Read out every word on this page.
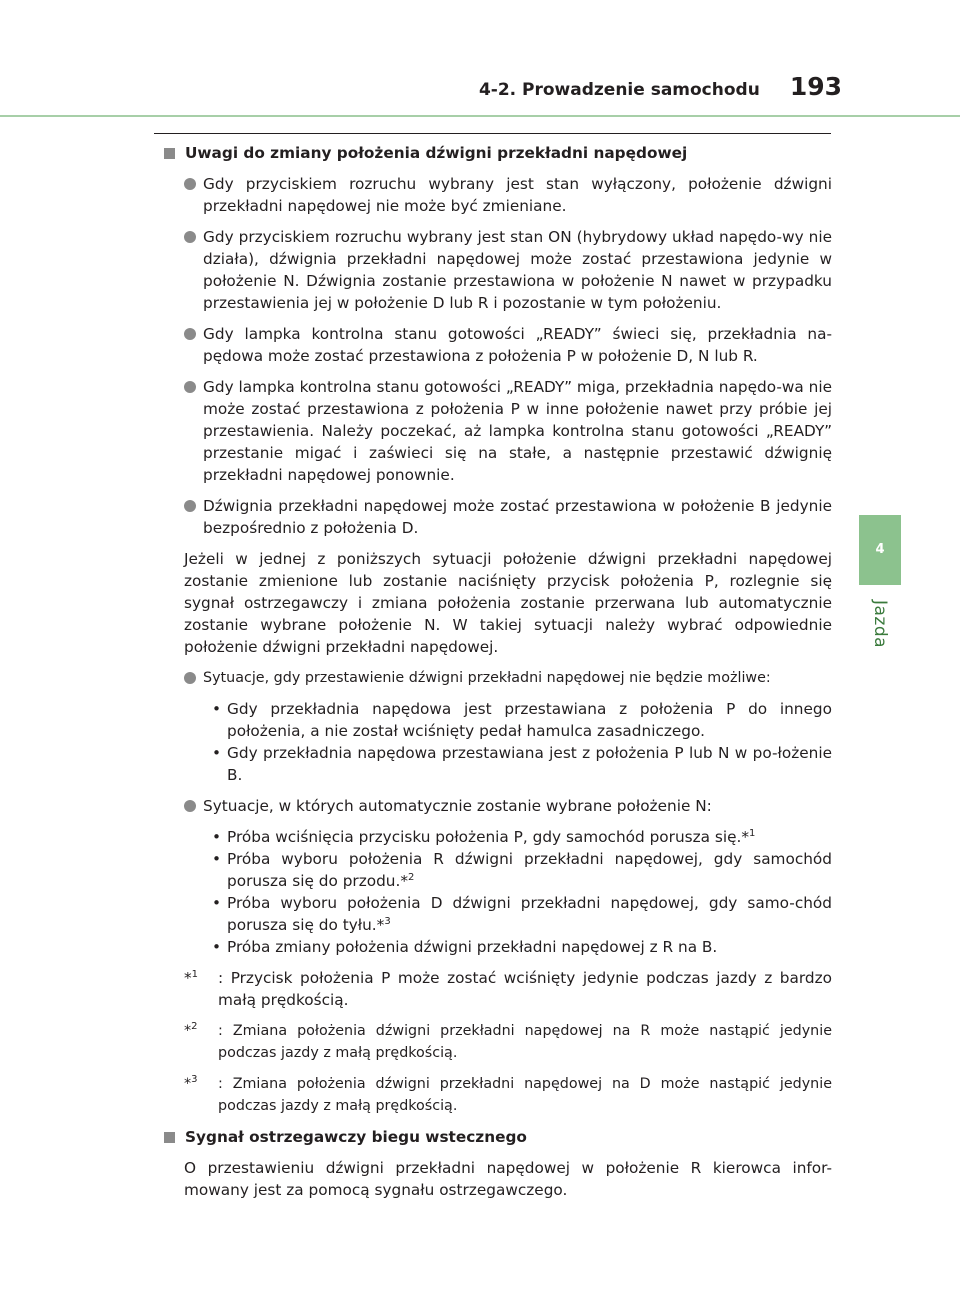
4-2. Prowadzenie samochodu 193
4
Jazda

Uwagi do zmiany położenia dźwigni przekładni napędowej

Gdy przyciskiem rozruchu wybrany jest stan wyłączony, położenie dźwigni przekładni napędowej nie może być zmieniane.

Gdy przyciskiem rozruchu wybrany jest stan ON (hybrydowy układ napędo-wy nie działa), dźwignia przekładni napędowej może zostać przestawiona jedynie w położenie N. Dźwignia zostanie przestawiona w położenie N nawet w przypadku przestawienia jej w położenie D lub R i pozostanie w tym położeniu.

Gdy lampka kontrolna stanu gotowości „READY” świeci się, przekładnia na-pędowa może zostać przestawiona z położenia P w położenie D, N lub R.

Gdy lampka kontrolna stanu gotowości „READY” miga, przekładnia napędo-wa nie może zostać przestawiona z położenia P w inne położenie nawet przy próbie jej przestawienia. Należy poczekać, aż lampka kontrolna stanu gotowości „READY” przestanie migać i zaświeci się na stałe, a następnie przestawić dźwignię przekładni napędowej ponownie.

Dźwignia przekładni napędowej może zostać przestawiona w położenie B jedynie bezpośrednio z położenia D.

Jeżeli w jednej z poniższych sytuacji położenie dźwigni przekładni napędowej zostanie zmienione lub zostanie naciśnięty przycisk położenia P, rozlegnie się sygnał ostrzegawczy i zmiana położenia zostanie przerwana lub automatycznie zostanie wybrane położenie N. W takiej sytuacji należy wybrać odpowiednie położenie dźwigni przekładni napędowej.

Sytuacje, gdy przestawienie dźwigni przekładni napędowej nie będzie możliwe:

• Gdy przekładnia napędowa jest przestawiana z położenia P do innego położenia, a nie został wciśnięty pedał hamulca zasadniczego.

• Gdy przekładnia napędowa przestawiana jest z położenia P lub N w po-łożenie B.

Sytuacje, w których automatycznie zostanie wybrane położenie N:

• Próba wciśnięcia przycisku położenia P, gdy samochód porusza się.*$^1$

• Próba wyboru położenia R dźwigni przekładni napędowej, gdy samochód porusza się do przodu.*$^2$

• Próba wyboru położenia D dźwigni przekładni napędowej, gdy samo-chód porusza się do tyłu.*$^3$

• Próba zmiany położenia dźwigni przekładni napędowej z R na B.

*$^1$ : Przycisk położenia P może zostać wciśnięty jedynie podczas jazdy z bardzo małą prędkością.

*$^2$ : Zmiana położenia dźwigni przekładni napędowej na R może nastąpić jedynie podczas jazdy z małą prędkością.

*$^3$ : Zmiana położenia dźwigni przekładni napędowej na D może nastąpić jedynie podczas jazdy z małą prędkością.

Sygnał ostrzegawczy biegu wstecznego

O przestawieniu dźwigni przekładni napędowej w położenie R kierowca infor-mowany jest za pomocą sygnału ostrzegawczego.
